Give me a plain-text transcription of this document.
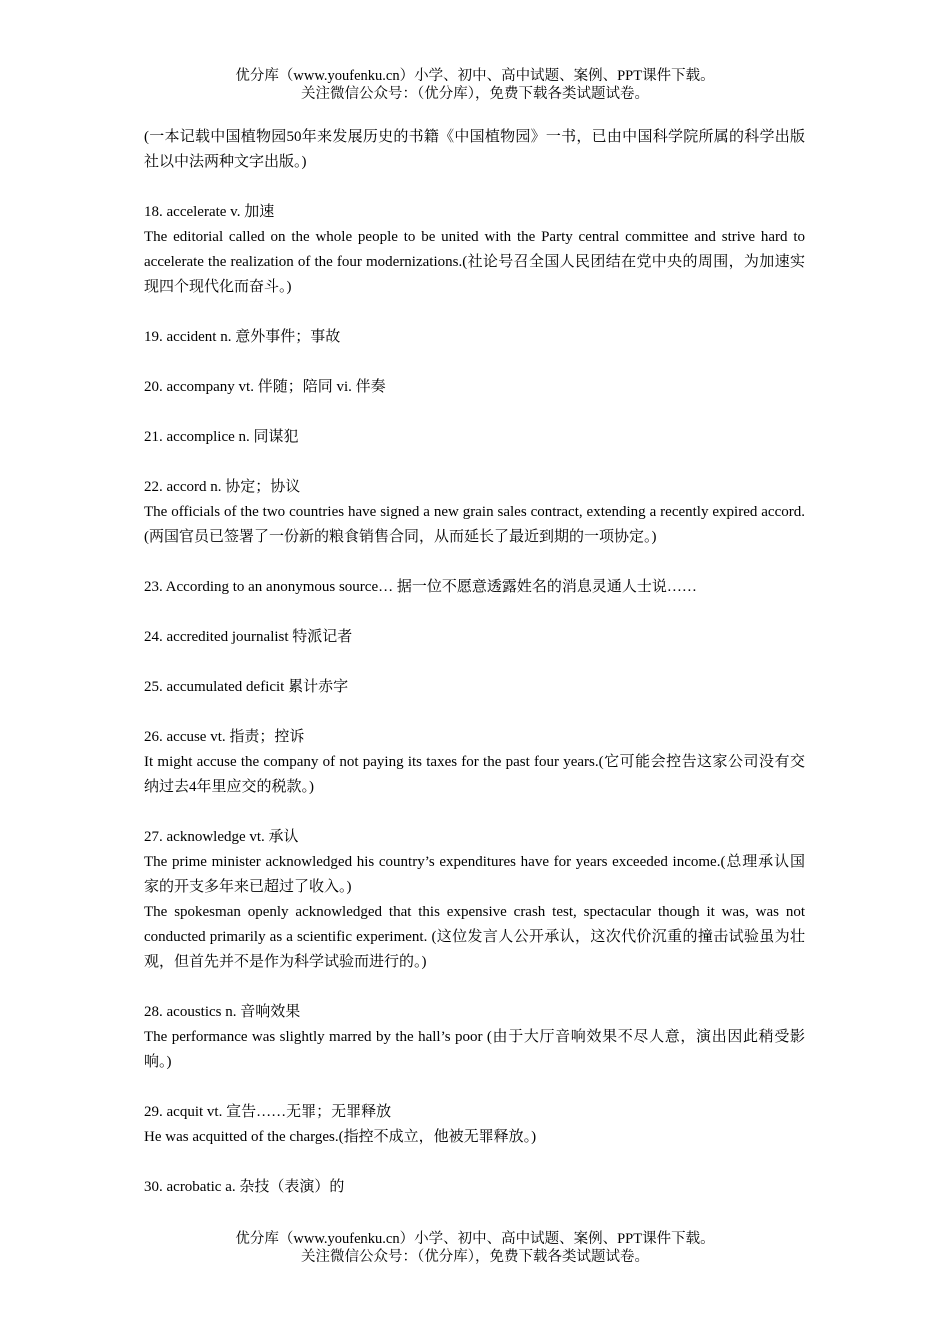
优分库（www.youfenku.cn）小学、初中、高中试题、案例、PPT课件下载。
关注微信公众号：（优分库），免费下载各类试题试卷。

(一本记载中国植物园50年来发展历史的书籍《中国植物园》一书，已由中国科学院所属的科学出版社以中法两种文字出版。)

18. accelerate v. 加速

The editorial called on the whole people to be united with the Party central committee and strive hard to accelerate the realization of the four modernizations.(社论号召全国人民团结在党中央的周围，为加速实现四个现代化而奋斗。)

19. accident n. 意外事件；事故

20. accompany vt. 伴随；陪同 vi. 伴奏

21. accomplice n. 同谋犯

22. accord n. 协定；协议

The officials of the two countries have signed a new grain sales contract, extending a recently expired accord.(两国官员已签署了一份新的粮食销售合同，从而延长了最近到期的一项协定。)

23. According to an anonymous source… 据一位不愿意透露姓名的消息灵通人士说……

24. accredited journalist 特派记者

25. accumulated deficit 累计赤字

26. accuse vt. 指责；控诉

It might accuse the company of not paying its taxes for the past four years.(它可能会控告这家公司没有交纳过去4年里应交的税款。)

27. acknowledge vt. 承认

The prime minister acknowledged his country’s expenditures have for years exceeded income.(总理承认国家的开支多年来已超过了收入。)

The spokesman openly acknowledged that this expensive crash test, spectacular though it was, was not conducted primarily as a scientific experiment. (这位发言人公开承认，这次代价沉重的撞击试验虽为壮观，但首先并不是作为科学试验而进行的。)

28. acoustics n. 音响效果

The performance was slightly marred by the hall’s poor (由于大厅音响效果不尽人意，演出因此稍受影响。)

29. acquit vt. 宣告……无罪；无罪释放

He was acquitted of the charges.(指控不成立，他被无罪释放。)

30. acrobatic a. 杂技（表演）的

优分库（www.youfenku.cn）小学、初中、高中试题、案例、PPT课件下载。
关注微信公众号：（优分库），免费下载各类试题试卷。
